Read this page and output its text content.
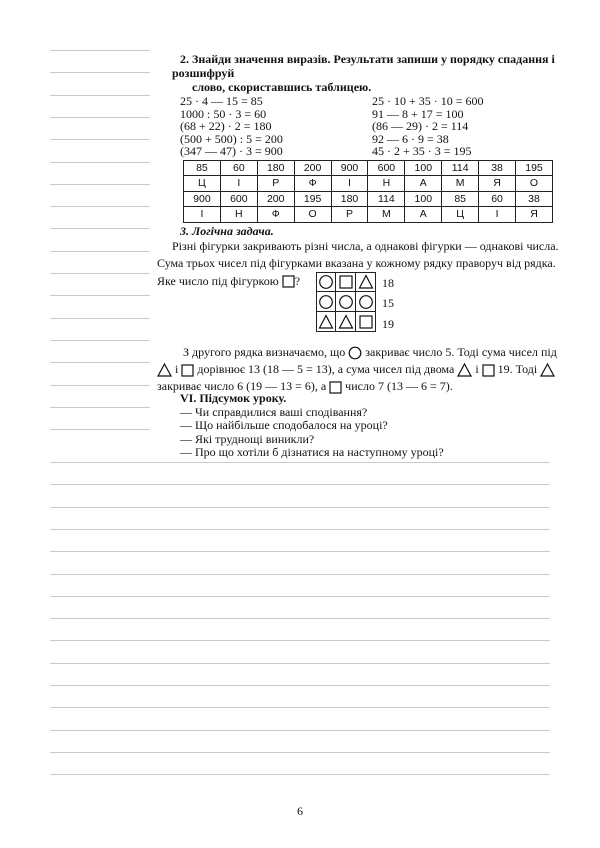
2. Знайди значення виразів. Результати запиши у порядку спадання і розшифруй
слово, скориставшись таблицею.
25 · 4 — 15 = 85	25 · 10 + 35 · 10 = 600
1000 : 50 · 3 = 60	91 — 8 + 17 = 100
(68 + 22) · 2 = 180	(86 — 29) · 2 = 114
(500 + 500) : 5 = 200	92 — 6 · 9 = 38
(347 — 47) · 3 = 900	45 · 2 + 35 · 3 = 195
85	60	180	200	900	600	100	114	38	195
Ц	І	Р	Ф	І	Н	А	М	Я	О
900	600	200	195	180	114	100	85	60	38
І	Н	Ф	О	Р	М	А	Ц	І	Я
3. Логічна задача.
Різні фігурки закривають різні числа, а однакові фігурки — однакові числа.
Сума трьох чисел під фігурками вказана у кожному рядку праворуч від рядка.
Яке число під фігуркою ?	18
15
19
З другого рядка визначаємо, що закриває число 5. Тоді сума чисел під
і дорівнює 13 (18 — 5 = 13), а сума чисел під двома і 19. Тоді
закриває число 6 (19 — 13 = 6), а число 7 (13 — 6 = 7).
VI. Підсумок уроку.
— Чи справдилися ваші сподівання?
— Що найбільше сподобалося на уроці?
— Які труднощі виникли?
— Про що хотіли б дізнатися на наступному уроці?
6
